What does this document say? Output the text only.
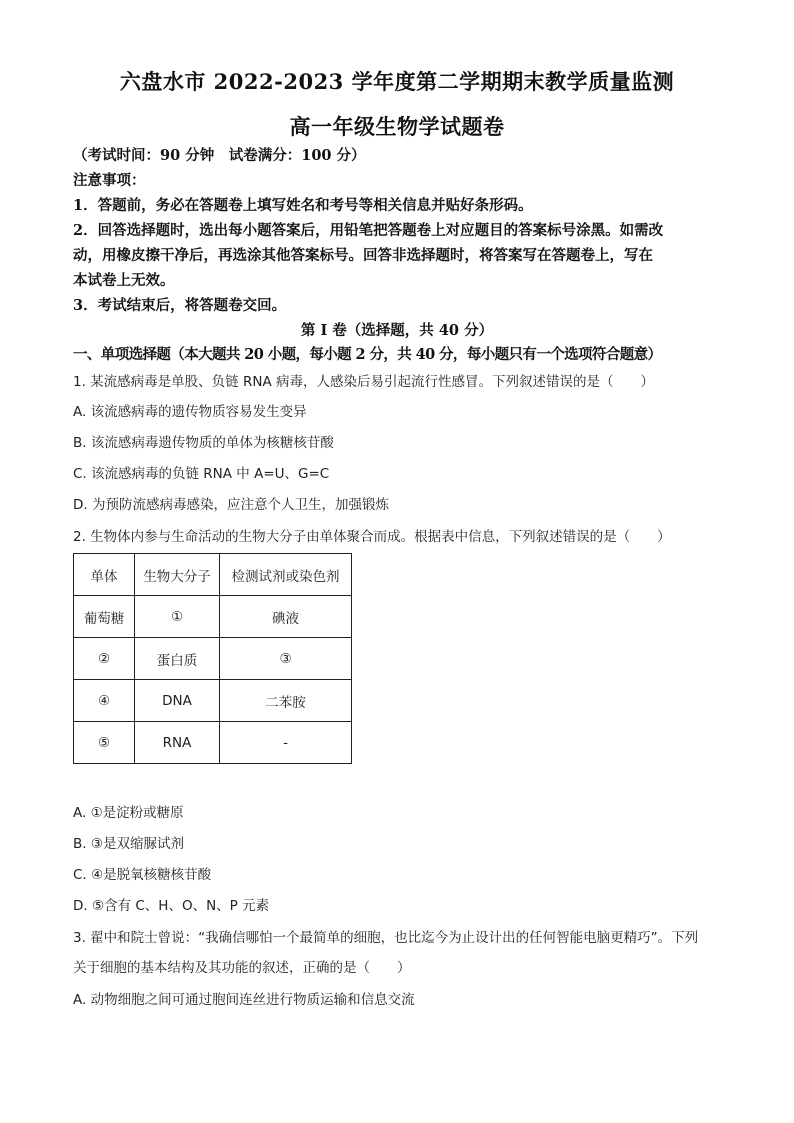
六盘水市 2022-2023 学年度第二学期期末教学质量监测
高一年级生物学试题卷
（考试时间：90 分钟　试卷满分：100 分）
注意事项：
1．答题前，务必在答题卷上填写姓名和考号等相关信息并贴好条形码。
2．回答选择题时，选出每小题答案后，用铅笔把答题卷上对应题目的答案标号涂黑。如需改
动，用橡皮擦干净后，再选涂其他答案标号。回答非选择题时，将答案写在答题卷上，写在
本试卷上无效。
3．考试结束后，将答题卷交回。
第 I 卷（选择题，共 40 分）
一、单项选择题（本大题共 20 小题，每小题 2 分，共 40 分，每小题只有一个选项符合题意）
1. 某流感病毒是单股、负链 RNA 病毒，人感染后易引起流行性感冒。下列叙述错误的是（　　）
A. 该流感病毒的遗传物质容易发生变异
B. 该流感病毒遗传物质的单体为核糖核苷酸
C. 该流感病毒的负链 RNA 中 A=U、G=C
D. 为预防流感病毒感染，应注意个人卫生，加强锻炼
2. 生物体内参与生命活动的生物大分子由单体聚合而成。根据表中信息，下列叙述错误的是（　　）
单体	生物大分子	检测试剂或染色剂
葡萄糖	①	碘液
②	蛋白质	③
④	DNA	二苯胺
⑤	RNA	-
A. ①是淀粉或糖原
B. ③是双缩脲试剂
C. ④是脱氧核糖核苷酸
D. ⑤含有 C、H、O、N、P 元素
3. 翟中和院士曾说：“我确信哪怕一个最简单的细胞，也比迄今为止设计出的任何智能电脑更精巧”。下列
关于细胞的基本结构及其功能的叙述，正确的是（　　）
A. 动物细胞之间可通过胞间连丝进行物质运输和信息交流
